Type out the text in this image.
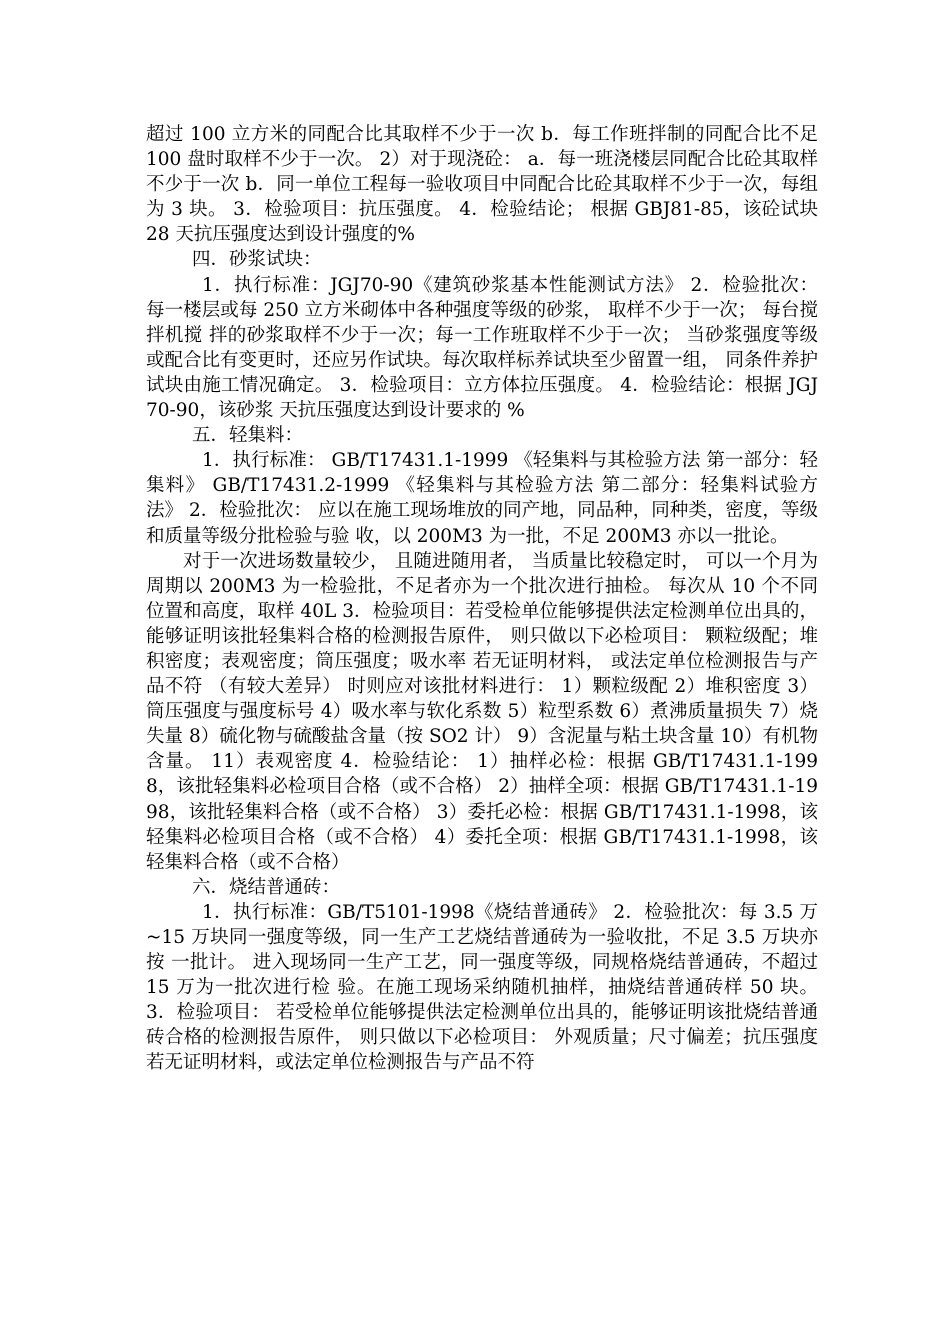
超过 100 立方米的同配合比其取样不少于一次 b．每工作班拌制的同配合比不足 100 盘时取样不少于一次。 2）对于现浇砼： a．每一班浇楼层同配合比砼其取样不少于一次 b．同一单位工程每一验收项目中同配合比砼其取样不少于一次，每组为 3 块。 3．检验项目：抗压强度。 4．检验结论； 根据 GBJ81-85，该砼试块 28 天抗压强度达到设计强度的%

四．砂浆试块：

1．执行标准：JGJ70-90《建筑砂浆基本性能测试方法》 2．检验批次： 每一楼层或每 250 立方米砌体中各种强度等级的砂浆， 取样不少于一次； 每台搅拌机搅 拌的砂浆取样不少于一次；每一工作班取样不少于一次； 当砂浆强度等级或配合比有变更时，还应另作试块。每次取样标养试块至少留置一组， 同条件养护试块由施工情况确定。 3．检验项目：立方体拉压强度。 4．检验结论：根据 JGJ70-90，该砂浆 天抗压强度达到设计要求的 %

五．轻集料：

1．执行标准： GB/T17431.1-1999 《轻集料与其检验方法 第一部分：轻集料》 GB/T17431.2-1999 《轻集料与其检验方法 第二部分：轻集料试验方法》 2．检验批次： 应以在施工现场堆放的同产地，同品种，同种类，密度，等级和质量等级分批检验与验 收，以 200M3 为一批，不足 200M3 亦以一批论。

对于一次进场数量较少， 且随进随用者， 当质量比较稳定时， 可以一个月为周期以 200M3 为一检验批，不足者亦为一个批次进行抽检。 每次从 10 个不同位置和高度，取样 40L 3．检验项目：若受检单位能够提供法定检测单位出具的，能够证明该批轻集料合格的检测报告原件， 则只做以下必检项目： 颗粒级配；堆积密度；表观密度；筒压强度；吸水率 若无证明材料， 或法定单位检测报告与产品不符 （有较大差异） 时则应对该批材料进行： 1）颗粒级配 2）堆积密度 3）筒压强度与强度标号 4）吸水率与软化系数 5）粒型系数 6）煮沸质量损失 7）烧失量 8）硫化物与硫酸盐含量（按 SO2 计） 9）含泥量与粘土块含量 10）有机物含量。 11）表观密度 4．检验结论： 1）抽样必检：根据 GB/T17431.1-1998，该批轻集料必检项目合格（或不合格） 2）抽样全项：根据 GB/T17431.1-1998，该批轻集料合格（或不合格） 3）委托必检：根据 GB/T17431.1-1998，该轻集料必检项目合格（或不合格） 4）委托全项：根据 GB/T17431.1-1998，该轻集料合格（或不合格）

六．烧结普通砖：

1．执行标准：GB/T5101-1998《烧结普通砖》 2．检验批次：每 3.5 万~15 万块同一强度等级，同一生产工艺烧结普通砖为一验收批，不足 3.5 万块亦按 一批计。 进入现场同一生产工艺，同一强度等级，同规格烧结普通砖，不超过 15 万为一批次进行检 验。在施工现场采纳随机抽样，抽烧结普通砖样 50 块。 3．检验项目： 若受检单位能够提供法定检测单位出具的，能够证明该批烧结普通砖合格的检测报告原件， 则只做以下必检项目： 外观质量；尺寸偏差；抗压强度 若无证明材料，或法定单位检测报告与产品不符
